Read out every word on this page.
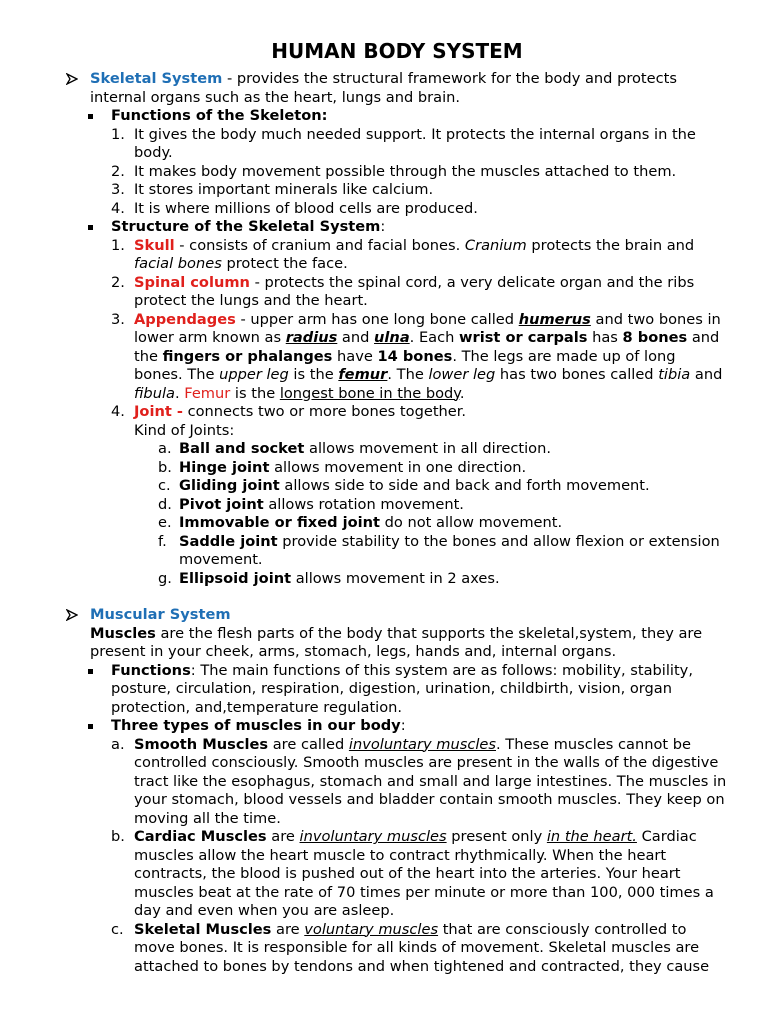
HUMAN BODY SYSTEM
Skeletal System - provides the structural framework for the body and protects internal organs such as the heart, lungs and brain.
Functions of the Skeleton:
1. It gives the body much needed support. It protects the internal organs in the body.
2. It makes body movement possible through the muscles attached to them.
3. It stores important minerals like calcium.
4. It is where millions of blood cells are produced.
Structure of the Skeletal System:
1. Skull - consists of cranium and facial bones. Cranium protects the brain and facial bones protect the face.
2. Spinal column - protects the spinal cord, a very delicate organ and the ribs protect the lungs and the heart.
3. Appendages - upper arm has one long bone called humerus and two bones in lower arm known as radius and ulna. Each wrist or carpals has 8 bones and the fingers or phalanges have 14 bones. The legs are made up of long bones. The upper leg is the femur. The lower leg has two bones called tibia and fibula. Femur is the longest bone in the body.
4. Joint - connects two or more bones together.
Kind of Joints:
a. Ball and socket allows movement in all direction.
b. Hinge joint allows movement in one direction.
c. Gliding joint allows side to side and back and forth movement.
d. Pivot joint allows rotation movement.
e. Immovable or fixed joint do not allow movement.
f. Saddle joint provide stability to the bones and allow flexion or extension movement.
g. Ellipsoid joint allows movement in 2 axes.
Muscular System
Muscles are the flesh parts of the body that supports the skeletal,system, they are present in your cheek, arms, stomach, legs, hands and, internal organs.
Functions: The main functions of this system are as follows: mobility, stability, posture, circulation, respiration, digestion, urination, childbirth, vision, organ protection, and,temperature regulation.
Three types of muscles in our body:
a. Smooth Muscles are called involuntary muscles. These muscles cannot be controlled consciously. Smooth muscles are present in the walls of the digestive tract like the esophagus, stomach and small and large intestines. The muscles in your stomach, blood vessels and bladder contain smooth muscles. They keep on moving all the time.
b. Cardiac Muscles are involuntary muscles present only in the heart. Cardiac muscles allow the heart muscle to contract rhythmically. When the heart contracts, the blood is pushed out of the heart into the arteries. Your heart muscles beat at the rate of 70 times per minute or more than 100, 000 times a day and even when you are asleep.
c. Skeletal Muscles are voluntary muscles that are consciously controlled to move bones. It is responsible for all kinds of movement. Skeletal muscles are attached to bones by tendons and when tightened and contracted, they cause
